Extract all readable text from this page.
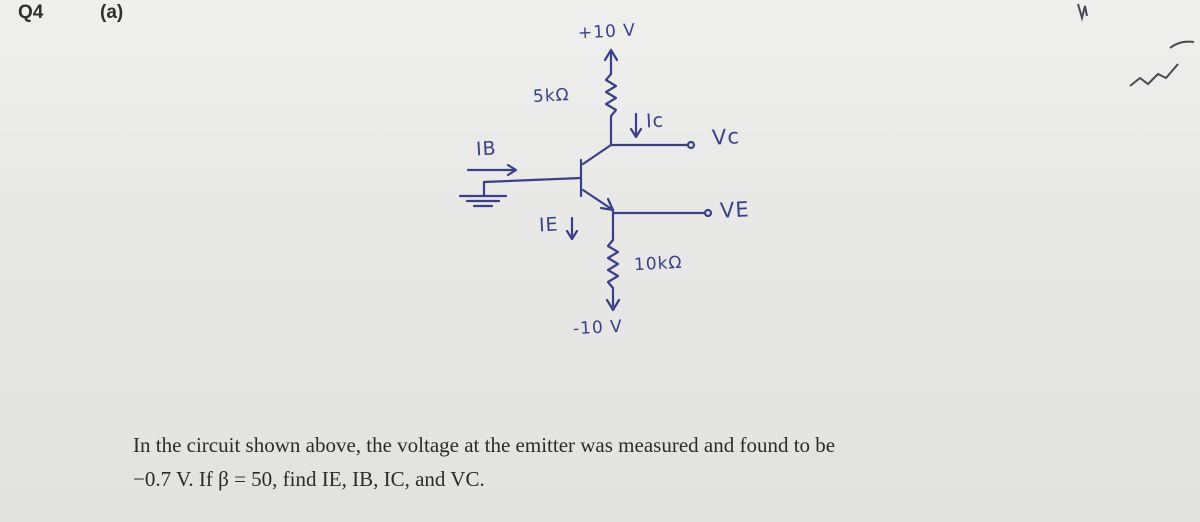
Q4	(a)
+10 V
5kΩ
Ic
Vc
IB
IE
VE
10kΩ
-10 V
In the circuit shown above, the voltage at the emitter was measured and found to be
−0.7 V. If β = 50, find IE, IB, IC, and VC.
